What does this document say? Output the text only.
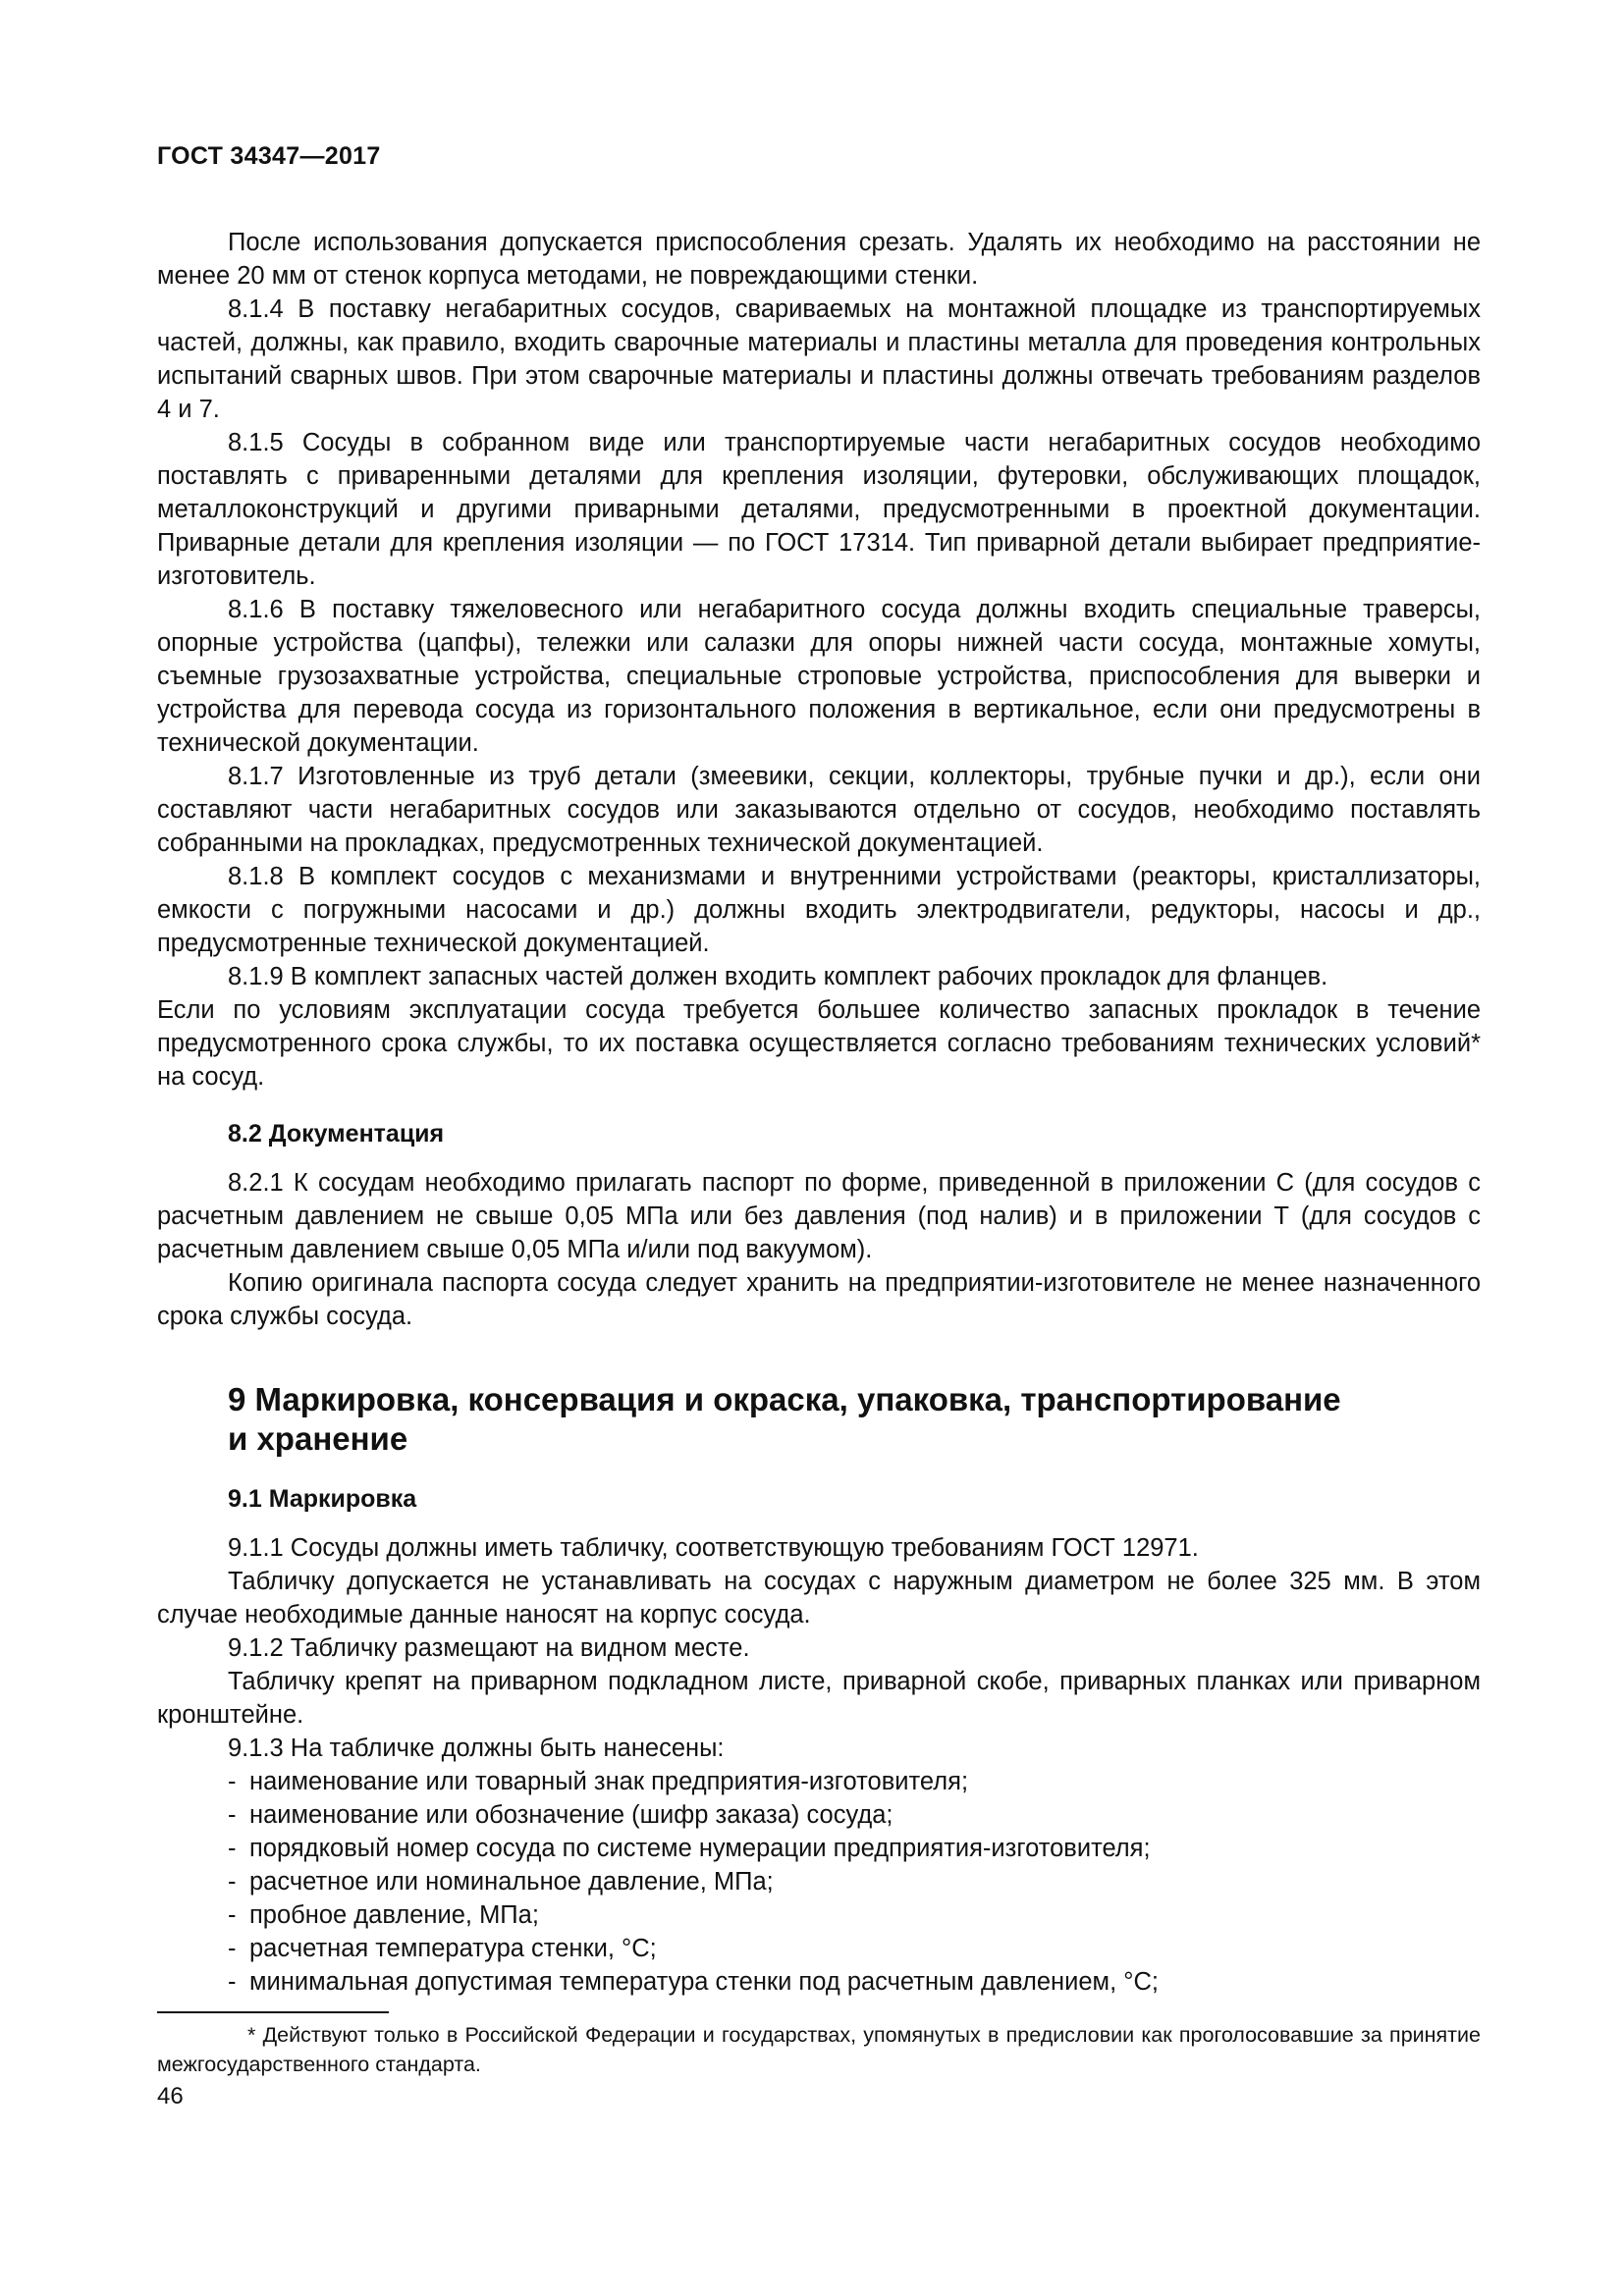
ГОСТ 34347—2017

После использования допускается приспособления срезать. Удалять их необходимо на расстоянии не менее 20 мм от стенок корпуса методами, не повреждающими стенки.

8.1.4 В поставку негабаритных сосудов, свариваемых на монтажной площадке из транспортируемых частей, должны, как правило, входить сварочные материалы и пластины металла для проведения контрольных испытаний сварных швов. При этом сварочные материалы и пластины должны отвечать требованиям разделов 4 и 7.

8.1.5 Сосуды в собранном виде или транспортируемые части негабаритных сосудов необходимо поставлять с приваренными деталями для крепления изоляции, футеровки, обслуживающих площадок, металлоконструкций и другими приварными деталями, предусмотренными в проектной документации. Приварные детали для крепления изоляции — по ГОСТ 17314. Тип приварной детали выбирает предприятие-изготовитель.

8.1.6 В поставку тяжеловесного или негабаритного сосуда должны входить специальные траверсы, опорные устройства (цапфы), тележки или салазки для опоры нижней части сосуда, монтажные хомуты, съемные грузозахватные устройства, специальные строповые устройства, приспособления для выверки и устройства для перевода сосуда из горизонтального положения в вертикальное, если они предусмотрены в технической документации.

8.1.7 Изготовленные из труб детали (змеевики, секции, коллекторы, трубные пучки и др.), если они составляют части негабаритных сосудов или заказываются отдельно от сосудов, необходимо поставлять собранными на прокладках, предусмотренных технической документацией.

8.1.8 В комплект сосудов с механизмами и внутренними устройствами (реакторы, кристаллизаторы, емкости с погружными насосами и др.) должны входить электродвигатели, редукторы, насосы и др., предусмотренные технической документацией.

8.1.9 В комплект запасных частей должен входить комплект рабочих прокладок для фланцев.

Если по условиям эксплуатации сосуда требуется большее количество запасных прокладок в течение предусмотренного срока службы, то их поставка осуществляется согласно требованиям технических условий* на сосуд.

8.2 Документация

8.2.1 К сосудам необходимо прилагать паспорт по форме, приведенной в приложении С (для сосудов с расчетным давлением не свыше 0,05 МПа или без давления (под налив) и в приложении Т (для сосудов с расчетным давлением свыше 0,05 МПа и/или под вакуумом).

Копию оригинала паспорта сосуда следует хранить на предприятии-изготовителе не менее назначенного срока службы сосуда.

9 Маркировка, консервация и окраска, упаковка, транспортирование
и хранение
9.1 Маркировка

9.1.1 Сосуды должны иметь табличку, соответствующую требованиям ГОСТ 12971.

Табличку допускается не устанавливать на сосудах с наружным диаметром не более 325 мм. В этом случае необходимые данные наносят на корпус сосуда.

9.1.2 Табличку размещают на видном месте.

Табличку крепят на приварном подкладном листе, приварной скобе, приварных планках или приварном кронштейне.

9.1.3 На табличке должны быть нанесены:

- наименование или товарный знак предприятия-изготовителя;
- наименование или обозначение (шифр заказа) сосуда;
- порядковый номер сосуда по системе нумерации предприятия-изготовителя;
- расчетное или номинальное давление, МПа;
- пробное давление, МПа;
- расчетная температура стенки, °С;
- минимальная допустимая температура стенки под расчетным давлением, °С;
* Действуют только в Российской Федерации и государствах, упомянутых в предисловии как проголосовавшие за принятие межгосударственного стандарта.
46
